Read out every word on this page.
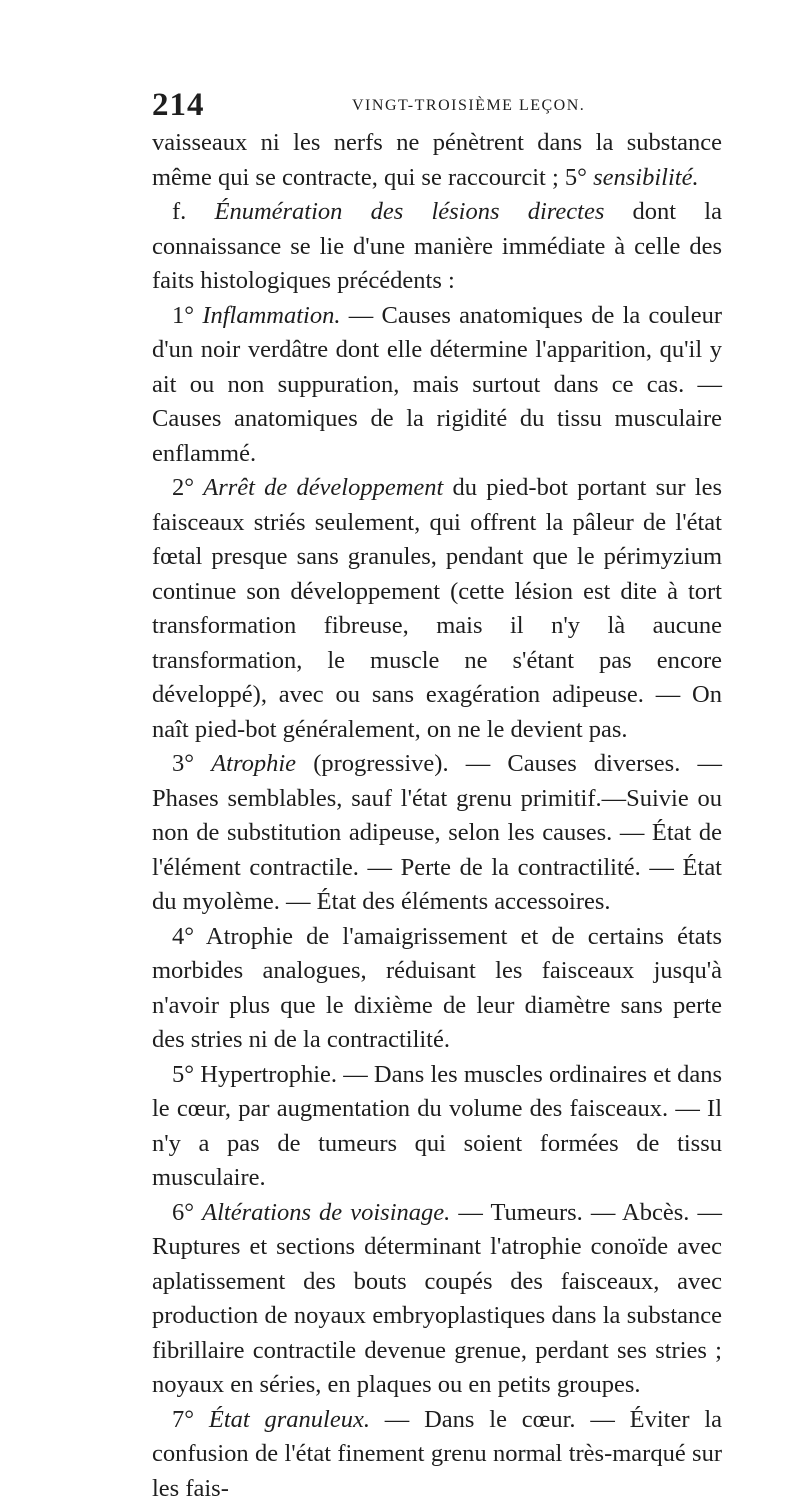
214	VINGT-TROISIÈME LEÇON.

vaisseaux ni les nerfs ne pénètrent dans la substance même qui se contracte, qui se raccourcit ; 5° sensibilité.

f. Énumération des lésions directes dont la connaissance se lie d'une manière immédiate à celle des faits histologiques précédents :

1° Inflammation. — Causes anatomiques de la couleur d'un noir verdâtre dont elle détermine l'apparition, qu'il y ait ou non suppuration, mais surtout dans ce cas. — Causes anatomiques de la rigidité du tissu musculaire enflammé.

2° Arrêt de développement du pied-bot portant sur les faisceaux striés seulement, qui offrent la pâleur de l'état fœtal presque sans granules, pendant que le périmyzium continue son développement (cette lésion est dite à tort transformation fibreuse, mais il n'y là aucune transformation, le muscle ne s'étant pas encore développé), avec ou sans exagération adipeuse. — On naît pied-bot généralement, on ne le devient pas.

3° Atrophie (progressive). — Causes diverses. — Phases semblables, sauf l'état grenu primitif.—Suivie ou non de substitution adipeuse, selon les causes. — État de l'élément contractile. — Perte de la contractilité. — État du myolème. — État des éléments accessoires.

4° Atrophie de l'amaigrissement et de certains états morbides analogues, réduisant les faisceaux jusqu'à n'avoir plus que le dixième de leur diamètre sans perte des stries ni de la contractilité.

5° Hypertrophie. — Dans les muscles ordinaires et dans le cœur, par augmentation du volume des faisceaux. — Il n'y a pas de tumeurs qui soient formées de tissu musculaire.

6° Altérations de voisinage. — Tumeurs. — Abcès. — Ruptures et sections déterminant l'atrophie conoïde avec aplatissement des bouts coupés des faisceaux, avec production de noyaux embryoplastiques dans la substance fibrillaire contractile devenue grenue, perdant ses stries ; noyaux en séries, en plaques ou en petits groupes.

7° État granuleux. — Dans le cœur. — Éviter la confusion de l'état finement grenu normal très-marqué sur les fais-
